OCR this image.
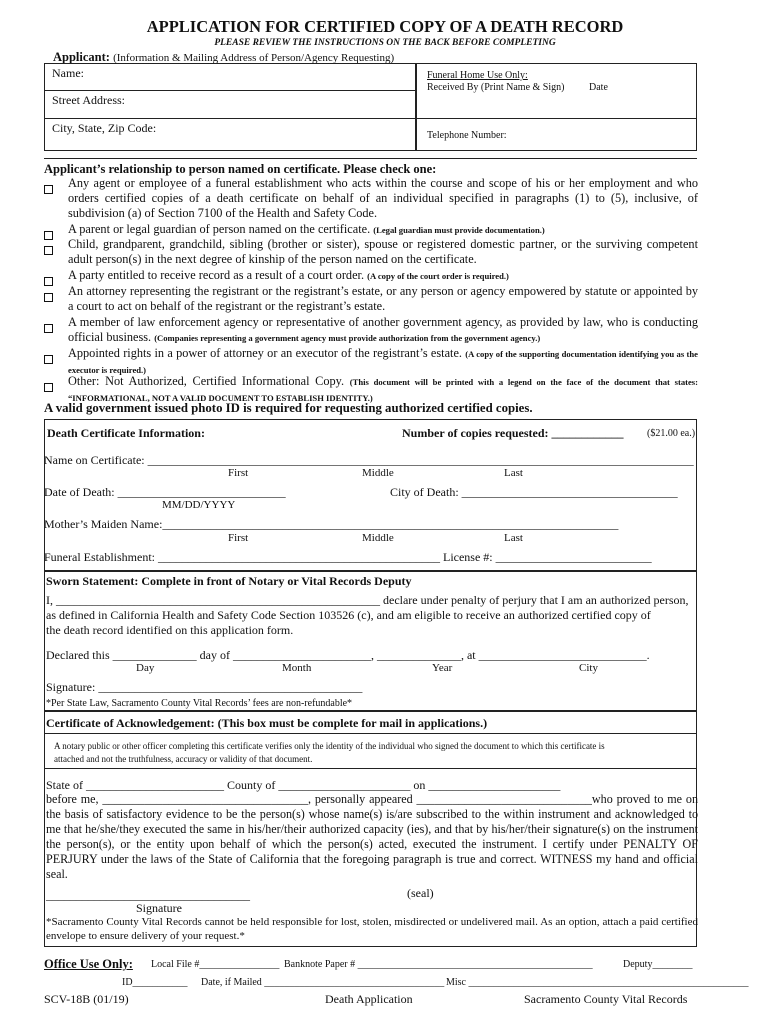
APPLICATION FOR CERTIFIED COPY OF A DEATH RECORD
PLEASE REVIEW THE INSTRUCTIONS ON THE BACK BEFORE COMPLETING
Applicant: (Information & Mailing Address of Person/Agency Requesting)
Name:
Street Address:
City, State, Zip Code:
Funeral Home Use Only:
Received By (Print Name & Sign) Date
Telephone Number:
Applicant’s relationship to person named on certificate. Please check one:
Any agent or employee of a funeral establishment who acts within the course and scope of his or her employment and who orders certified copies of a death certificate on behalf of an individual specified in paragraphs (1) to (5), inclusive, of subdivision (a) of Section 7100 of the Health and Safety Code.
A parent or legal guardian of person named on the certificate. (Legal guardian must provide documentation.)
Child, grandparent, grandchild, sibling (brother or sister), spouse or registered domestic partner, or the surviving competent adult person(s) in the next degree of kinship of the person named on the certificate.
A party entitled to receive record as a result of a court order. (A copy of the court order is required.)
An attorney representing the registrant or the registrant’s estate, or any person or agency empowered by statute or appointed by a court to act on behalf of the registrant or the registrant’s estate.
A member of law enforcement agency or representative of another government agency, as provided by law, who is conducting official business. (Companies representing a government agency must provide authorization from the government agency.)
Appointed rights in a power of attorney or an executor of the registrant’s estate. (A copy of the supporting documentation identifying you as the executor is required.)
Other: Not Authorized, Certified Informational Copy. (This document will be printed with a legend on the face of the document that states: “INFORMATIONAL, NOT A VALID DOCUMENT TO ESTABLISH IDENTITY.)
A valid government issued photo ID is required for requesting authorized certified copies.
Death Certificate Information:	Number of copies requested: ____________ ($21.00 ea.)
Name on Certificate: ___________________________________________________________________________________________
First	Middle	Last
Date of Death: ____________________________
MM/DD/YYYY
City of Death: ____________________________________
Mother’s Maiden Name:____________________________________________________________________________
First	Middle	Last
Funeral Establishment: _______________________________________________ License #: __________________________
Sworn Statement: Complete in front of Notary or Vital Records Deputy
I, ______________________________________________________ declare under penalty of perjury that I am an authorized person,
as defined in California Health and Safety Code Section 103526 (c), and am eligible to receive an authorized certified copy of
the death record identified on this application form.
Declared this ______________ day of _______________________, ______________, at ____________________________.
Day	Month	Year	City
Signature: ____________________________________________
*Per State Law, Sacramento County Vital Records’ fees are non-refundable*
Certificate of Acknowledgement: (This box must be complete for mail in applications.)
A notary public or other officer completing this certificate verifies only the identity of the individual who signed the document to which this certificate is
attached and not the truthfulness, accuracy or validity of that document.
State of _______________________ County of ______________________ on ______________________
before me, __________________________________, personally appeared _____________________________who proved to me on the basis of satisfactory evidence to be the person(s) whose name(s) is/are subscribed to the within instrument and acknowledged to me that he/she/they executed the same in his/her/their authorized capacity (ies), and that by his/her/their signature(s) on the instrument the person(s), or the entity upon behalf of which the person(s) acted, executed the instrument. I certify under PENALTY OF PERJURY under the laws of the State of California that the foregoing paragraph is true and correct. WITNESS my hand and official seal.
__________________________________	(seal)
Signature
*Sacramento County Vital Records cannot be held responsible for lost, stolen, misdirected or undelivered mail. As an option, attach a paid certified envelope to ensure delivery of your request.*
Office Use Only: Local File #________________ Banknote Paper # _______________________________________________	Deputy________
ID___________ Date, if Mailed ____________________________________ Misc ________________________________________________________
SCV-18B (01/19)	Death Application	Sacramento County Vital Records
